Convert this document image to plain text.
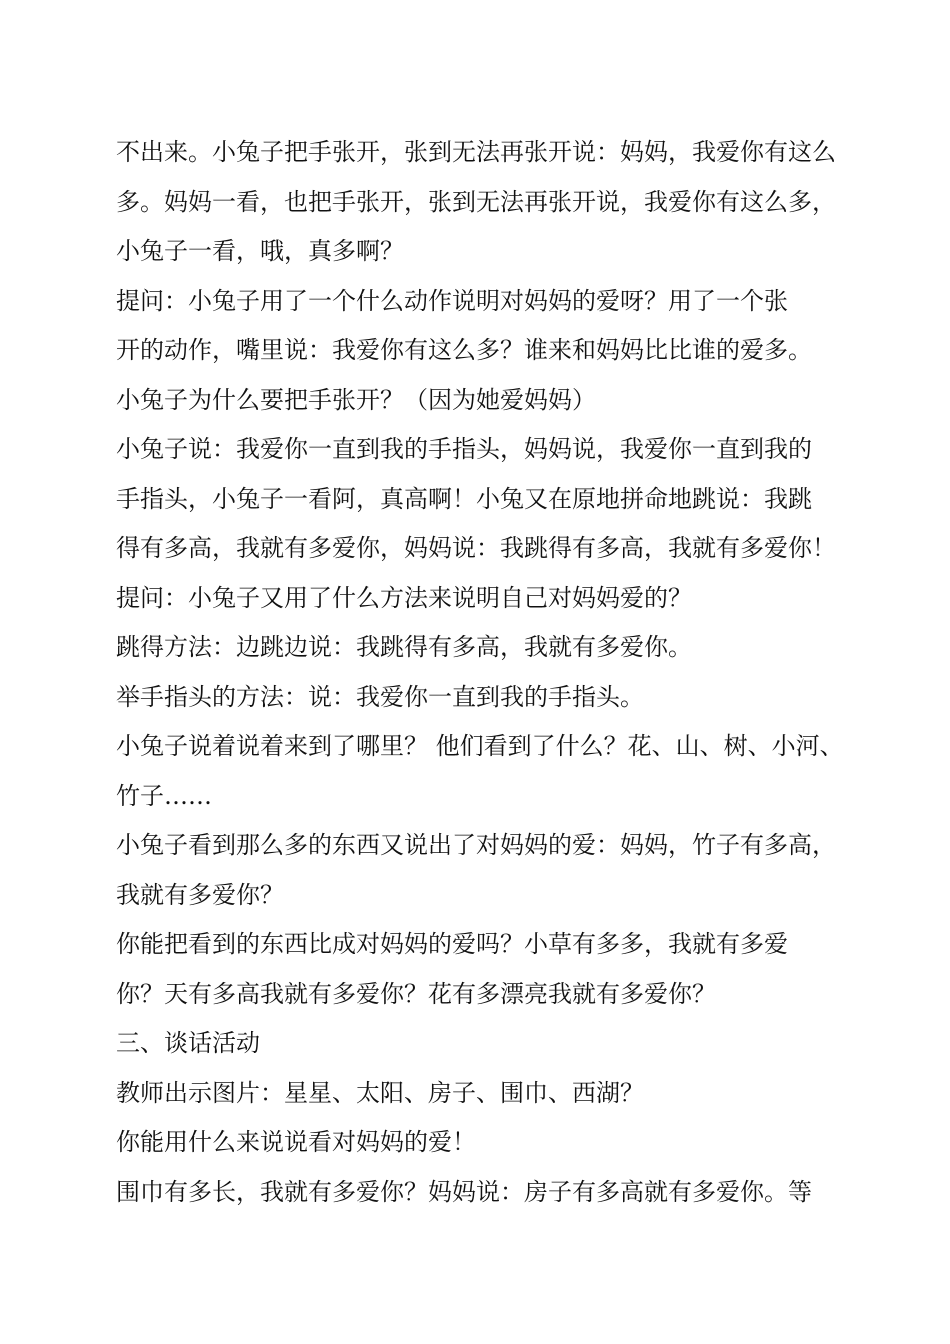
不出来。小兔子把手张开，张到无法再张开说：妈妈，我爱你有这么
多。妈妈一看，也把手张开，张到无法再张开说，我爱你有这么多，
小兔子一看，哦，真多啊？
提问：小兔子用了一个什么动作说明对妈妈的爱呀？用了一个张
开的动作，嘴里说：我爱你有这么多？谁来和妈妈比比谁的爱多。
小兔子为什么要把手张开？（因为她爱妈妈）
小兔子说：我爱你一直到我的手指头，妈妈说，我爱你一直到我的
手指头，小兔子一看阿，真高啊！小兔又在原地拼命地跳说：我跳
得有多高，我就有多爱你，妈妈说：我跳得有多高，我就有多爱你！
提问：小兔子又用了什么方法来说明自己对妈妈爱的？
跳得方法：边跳边说：我跳得有多高，我就有多爱你。
举手指头的方法：说：我爱你一直到我的手指头。
小兔子说着说着来到了哪里？ 他们看到了什么？花、山、树、小河、
竹子……
小兔子看到那么多的东西又说出了对妈妈的爱：妈妈，竹子有多高，
我就有多爱你？
你能把看到的东西比成对妈妈的爱吗？小草有多多，我就有多爱
你？天有多高我就有多爱你？花有多漂亮我就有多爱你？
三、谈话活动
教师出示图片：星星、太阳、房子、围巾、西湖？
你能用什么来说说看对妈妈的爱！
围巾有多长，我就有多爱你？妈妈说：房子有多高就有多爱你。等
